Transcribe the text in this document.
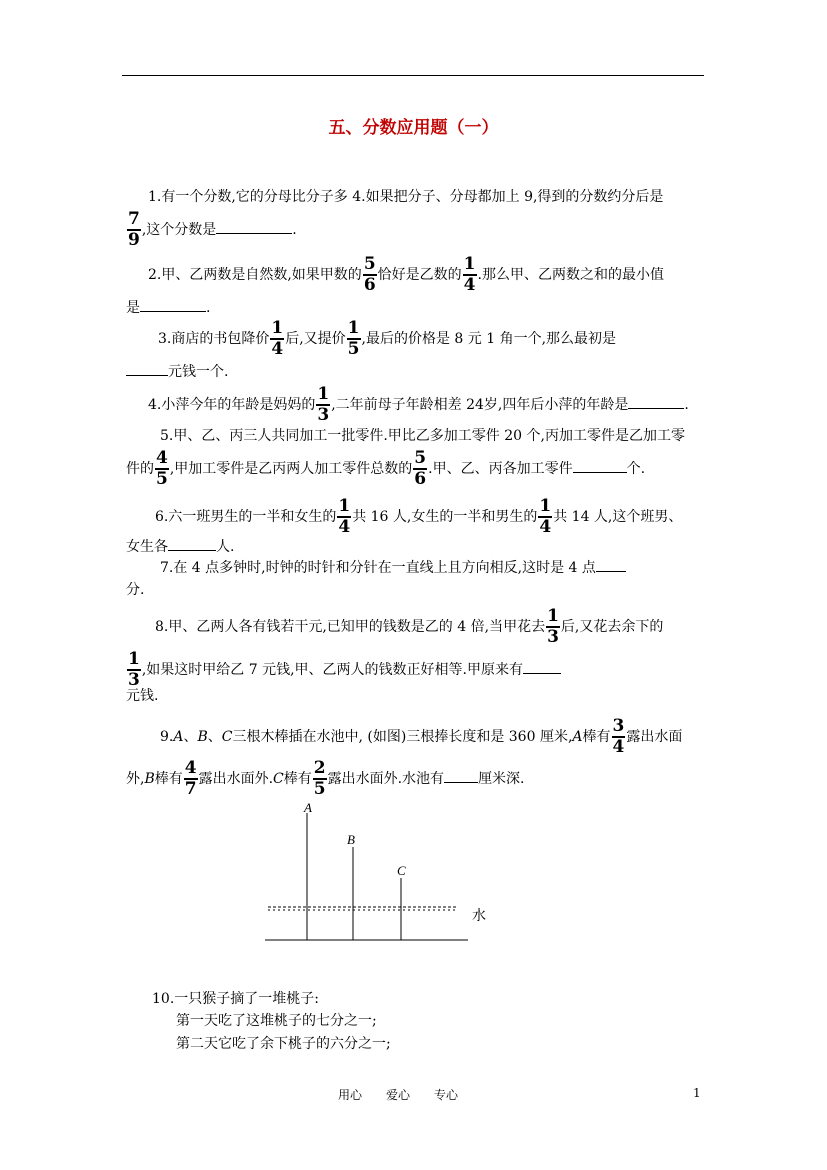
五、分数应用题（一）
1.有一个分数,它的分母比分子多 4.如果把分子、分母都加上 9,得到的分数约分后是
$\frac{7}{9}$ ,这个分数是	.
2.甲、乙两数是自然数,如果甲数的 $\frac{5}{6}$ 恰好是乙数的 $\frac{1}{4}$ .那么甲、乙两数之和的最小值
是	.
3.商店的书包降价 $\frac{1}{4}$ 后,又提价 $\frac{1}{5}$ ,最后的价格是 8 元 1 角一个,那么最初是
元钱一个.
4.小萍今年的年龄是妈妈的 $\frac{1}{3}$ ,二年前母子年龄相差 24岁,四年后小萍的年龄是	.
5.甲、乙、丙三人共同加工一批零件.甲比乙多加工零件 20 个,丙加工零件是乙加工零
件的 $\frac{4}{5}$ ,甲加工零件是乙丙两人加工零件总数的 $\frac{5}{6}$ .甲、乙、丙各加工零件	个.
6.六一班男生的一半和女生的 $\frac{1}{4}$ 共 16 人,女生的一半和男生的 $\frac{1}{4}$ 共 14 人,这个班男、
女生各	人.
7.在 4 点多钟时,时钟的时针和分针在一直线上且方向相反,这时是 4 点
分.
8.甲、乙两人各有钱若干元,已知甲的钱数是乙的 4 倍,当甲花去 $\frac{1}{3}$ 后,又花去余下的
$\frac{1}{3}$ ,如果这时甲给乙 7 元钱,甲、乙两人的钱数正好相等.甲原来有
元钱.
9.A、B、C三根木棒插在水池中, (如图)三根捧长度和是 360 厘米,A棒有 $\frac{3}{4}$ 露出水面
外,B棒有 $\frac{4}{7}$ 露出水面外.C棒有 $\frac{2}{5}$ 露出水面外.水池有 厘米深.
A
B
C
水
10.一只猴子摘了一堆桃子:
第一天吃了这堆桃子的七分之一;
第二天它吃了余下桃子的六分之一;
用心　　爱心　　专心	1
